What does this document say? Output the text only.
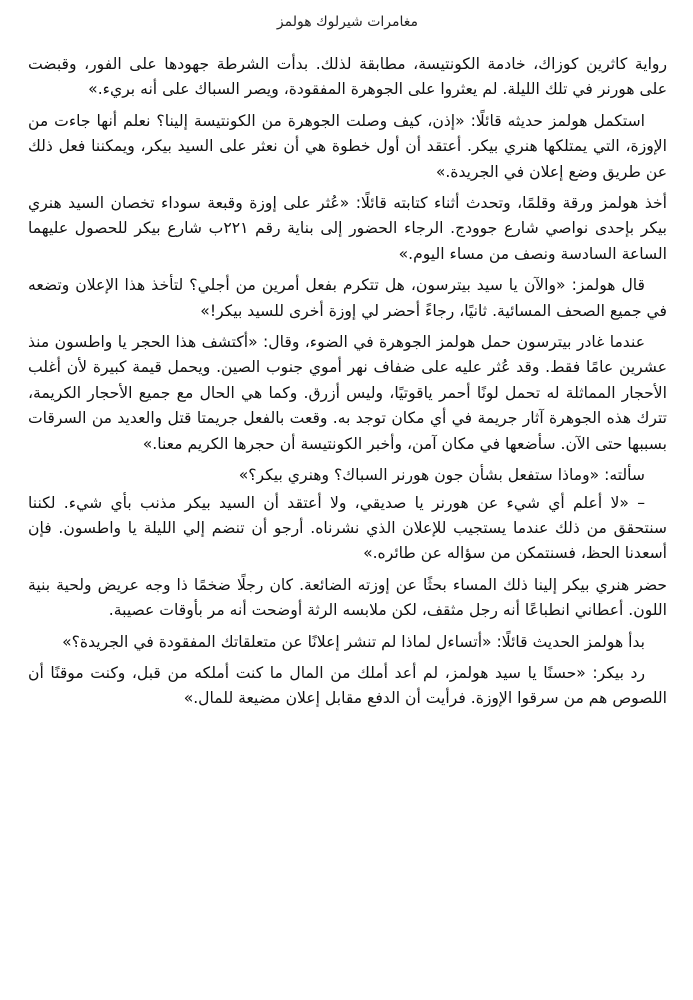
مغامرات شيرلوك هولمز

رواية كاثرين كوزاك، خادمة الكونتيسة، مطابقة لذلك. بدأت الشرطة جهودها على الفور، وقبضت على هورنر في تلك الليلة. لم يعثروا على الجوهرة المفقودة، ويصر السباك على أنه بريء.»

استكمل هولمز حديثه قائلًا: «إذن، كيف وصلت الجوهرة من الكونتيسة إلينا؟ نعلم أنها جاءت من الإوزة، التي يمتلكها هنري بيكر. أعتقد أن أول خطوة هي أن نعثر على السيد بيكر، ويمكننا فعل ذلك عن طريق وضع إعلان في الجريدة.»

أخذ هولمز ورقة وقلمًا، وتحدث أثناء كتابته قائلًا: «عُثر على إوزة وقبعة سوداء تخصان السيد هنري بيكر بإحدى نواصي شارع جوودج. الرجاء الحضور إلى بناية رقم ٢٢١ب شارع بيكر للحصول عليهما الساعة السادسة ونصف من مساء اليوم.»

قال هولمز: «والآن يا سيد بيترسون، هل تتكرم بفعل أمرين من أجلي؟ لتأخذ هذا الإعلان وتضعه في جميع الصحف المسائية. ثانيًا، رجاءً أحضر لي إوزة أخرى للسيد بيكر!»

عندما غادر بيترسون حمل هولمز الجوهرة في الضوء، وقال: «أكتشف هذا الحجر يا واطسون منذ عشرين عامًا فقط. وقد عُثر عليه على ضفاف نهر أموي جنوب الصين. ويحمل قيمة كبيرة لأن أغلب الأحجار المماثلة له تحمل لونًا أحمر ياقوتيًا، وليس أزرق. وكما هي الحال مع جميع الأحجار الكريمة، تترك هذه الجوهرة آثار جريمة في أي مكان توجد به. وقعت بالفعل جريمتا قتل والعديد من السرقات بسببها حتى الآن. سأضعها في مكان آمن، وأخبر الكونتيسة أن حجرها الكريم معنا.»

سألته: «وماذا ستفعل بشأن جون هورنر السباك؟ وهنري بيكر؟»

– «لا أعلم أي شيء عن هورنر يا صديقي، ولا أعتقد أن السيد بيكر مذنب بأي شيء. لكننا سنتحقق من ذلك عندما يستجيب للإعلان الذي نشرناه. أرجو أن تنضم إلي الليلة يا واطسون. فإن أسعدنا الحظ، فسنتمكن من سؤاله عن طائره.»

حضر هنري بيكر إلينا ذلك المساء بحثًا عن إوزته الضائعة. كان رجلًا ضخمًا ذا وجه عريض ولحية بنية اللون. أعطاني انطباعًا أنه رجل مثقف، لكن ملابسه الرثة أوضحت أنه مر بأوقات عصيبة.

بدأ هولمز الحديث قائلًا: «أتساءل لماذا لم تنشر إعلانًا عن متعلقاتك المفقودة في الجريدة؟»

رد بيكر: «حسنًا يا سيد هولمز، لم أعد أملك من المال ما كنت أملكه من قبل، وكنت موقنًا أن اللصوص هم من سرقوا الإوزة. فرأيت أن الدفع مقابل إعلان مضيعة للمال.»
